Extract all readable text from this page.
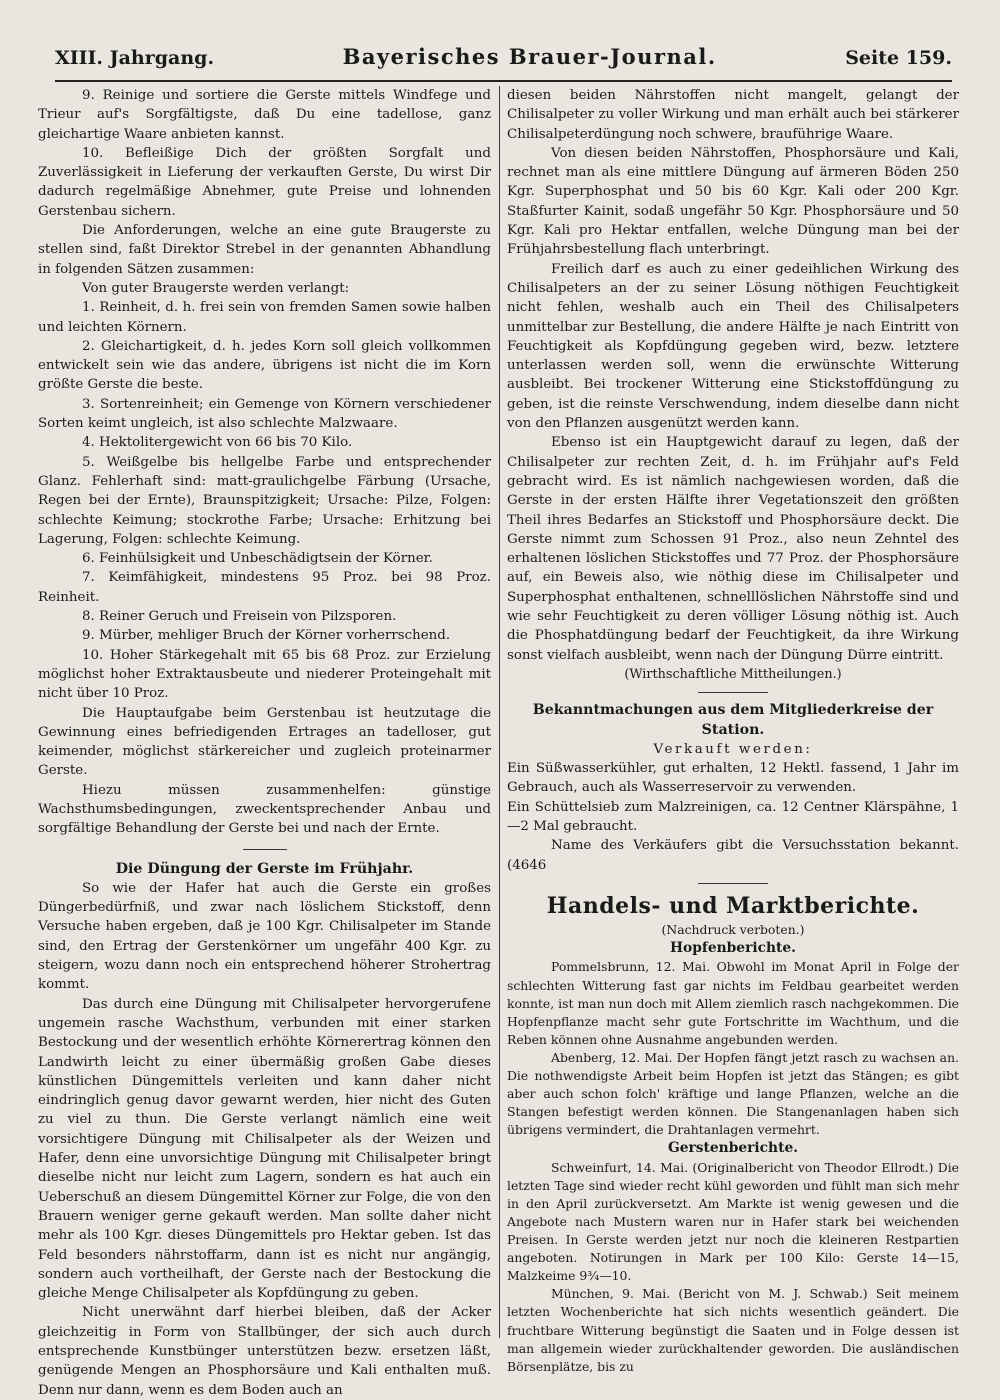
XIII. Jahrgang.	Bayerisches Brauer-Journal.	Seite 159.

9. Reinige und sortiere die Gerste mittels Windfege und Trieur auf's Sorgfältigste, daß Du eine tadellose, ganz gleichartige Waare anbieten kannst.

10. Befleißige Dich der größten Sorgfalt und Zuverlässigkeit in Lieferung der verkauften Gerste, Du wirst Dir dadurch regelmäßige Abnehmer, gute Preise und lohnenden Gerstenbau sichern.

Die Anforderungen, welche an eine gute Braugerste zu stellen sind, faßt Direktor Strebel in der genannten Abhandlung in folgenden Sätzen zusammen:

Von guter Braugerste werden verlangt:

1. Reinheit, d. h. frei sein von fremden Samen sowie halben und leichten Körnern.

2. Gleichartigkeit, d. h. jedes Korn soll gleich vollkommen entwickelt sein wie das andere, übrigens ist nicht die im Korn größte Gerste die beste.

3. Sortenreinheit; ein Gemenge von Körnern verschiedener Sorten keimt ungleich, ist also schlechte Malzwaare.

4. Hektolitergewicht von 66 bis 70 Kilo.

5. Weißgelbe bis hellgelbe Farbe und entsprechender Glanz. Fehlerhaft sind: matt-graulichgelbe Färbung (Ursache, Regen bei der Ernte), Braunspitzigkeit; Ursache: Pilze, Folgen: schlechte Keimung; stockrothe Farbe; Ursache: Erhitzung bei Lagerung, Folgen: schlechte Keimung.

6. Feinhülsigkeit und Unbeschädigtsein der Körner.

7. Keimfähigkeit, mindestens 95 Proz. bei 98 Proz. Reinheit.

8. Reiner Geruch und Freisein von Pilzsporen.

9. Mürber, mehliger Bruch der Körner vorherrschend.

10. Hoher Stärkegehalt mit 65 bis 68 Proz. zur Erzielung möglichst hoher Extraktausbeute und niederer Proteingehalt mit nicht über 10 Proz.

Die Hauptaufgabe beim Gerstenbau ist heutzutage die Gewinnung eines befriedigenden Ertrages an tadelloser, gut keimender, möglichst stärkereicher und zugleich proteinarmer Gerste.

Hiezu müssen zusammenhelfen: günstige Wachsthumsbedingungen, zweckentsprechender Anbau und sorgfältige Behandlung der Gerste bei und nach der Ernte.

Die Düngung der Gerste im Frühjahr.

So wie der Hafer hat auch die Gerste ein großes Düngerbedürfniß, und zwar nach löslichem Stickstoff, denn Versuche haben ergeben, daß je 100 Kgr. Chilisalpeter im Stande sind, den Ertrag der Gerstenkörner um ungefähr 400 Kgr. zu steigern, wozu dann noch ein entsprechend höherer Strohertrag kommt.

Das durch eine Düngung mit Chilisalpeter hervorgerufene ungemein rasche Wachsthum, verbunden mit einer starken Bestockung und der wesentlich erhöhte Körnerertrag können den Landwirth leicht zu einer übermäßig großen Gabe dieses künstlichen Düngemittels verleiten und kann daher nicht eindringlich genug davor gewarnt werden, hier nicht des Guten zu viel zu thun. Die Gerste verlangt nämlich eine weit vorsichtigere Düngung mit Chilisalpeter als der Weizen und Hafer, denn eine unvorsichtige Düngung mit Chilisalpeter bringt dieselbe nicht nur leicht zum Lagern, sondern es hat auch ein Ueberschuß an diesem Düngemittel Körner zur Folge, die von den Brauern weniger gerne gekauft werden. Man sollte daher nicht mehr als 100 Kgr. dieses Düngemittels pro Hektar geben. Ist das Feld besonders nährstoffarm, dann ist es nicht nur angängig, sondern auch vortheilhaft, der Gerste nach der Bestockung die gleiche Menge Chilisalpeter als Kopfdüngung zu geben.

Nicht unerwähnt darf hierbei bleiben, daß der Acker gleichzeitig in Form von Stallbünger, der sich auch durch entsprechende Kunstbünger unterstützen bezw. ersetzen läßt, genügende Mengen an Phosphorsäure und Kali enthalten muß. Denn nur dann, wenn es dem Boden auch an

diesen beiden Nährstoffen nicht mangelt, gelangt der Chilisalpeter zu voller Wirkung und man erhält auch bei stärkerer Chilisalpeterdüngung noch schwere, brauführige Waare.

Von diesen beiden Nährstoffen, Phosphorsäure und Kali, rechnet man als eine mittlere Düngung auf ärmeren Böden 250 Kgr. Superphosphat und 50 bis 60 Kgr. Kali oder 200 Kgr. Staßfurter Kainit, sodaß ungefähr 50 Kgr. Phosphorsäure und 50 Kgr. Kali pro Hektar entfallen, welche Düngung man bei der Frühjahrsbestellung flach unterbringt.

Freilich darf es auch zu einer gedeihlichen Wirkung des Chilisalpeters an der zu seiner Lösung nöthigen Feuchtigkeit nicht fehlen, weshalb auch ein Theil des Chilisalpeters unmittelbar zur Bestellung, die andere Hälfte je nach Eintritt von Feuchtigkeit als Kopfdüngung gegeben wird, bezw. letztere unterlassen werden soll, wenn die erwünschte Witterung ausbleibt. Bei trockener Witterung eine Stickstoffdüngung zu geben, ist die reinste Verschwendung, indem dieselbe dann nicht von den Pflanzen ausgenützt werden kann.

Ebenso ist ein Hauptgewicht darauf zu legen, daß der Chilisalpeter zur rechten Zeit, d. h. im Frühjahr auf's Feld gebracht wird. Es ist nämlich nachgewiesen worden, daß die Gerste in der ersten Hälfte ihrer Vegetationszeit den größten Theil ihres Bedarfes an Stickstoff und Phosphorsäure deckt. Die Gerste nimmt zum Schossen 91 Proz., also neun Zehntel des erhaltenen löslichen Stickstoffes und 77 Proz. der Phosphorsäure auf, ein Beweis also, wie nöthig diese im Chilisalpeter und Superphosphat enthaltenen, schnelllöslichen Nährstoffe sind und wie sehr Feuchtigkeit zu deren völliger Lösung nöthig ist. Auch die Phosphatdüngung bedarf der Feuchtigkeit, da ihre Wirkung sonst vielfach ausbleibt, wenn nach der Düngung Dürre eintritt.

(Wirthschaftliche Mittheilungen.)

Bekanntmachungen aus dem Mitgliederkreise der Station.

Verkauft werden:

Ein Süßwasserkühler, gut erhalten, 12 Hektl. fassend, 1 Jahr im Gebrauch, auch als Wasserreservoir zu verwenden.

Ein Schüttelsieb zum Malzreinigen, ca. 12 Centner Klärspähne, 1—2 Mal gebraucht.

Name des Verkäufers gibt die Versuchsstation bekannt. (4646

Handels- und Marktberichte.

(Nachdruck verboten.)

Hopfenberichte.

Pommelsbrunn, 12. Mai. Obwohl im Monat April in Folge der schlechten Witterung fast gar nichts im Feldbau gearbeitet werden konnte, ist man nun doch mit Allem ziemlich rasch nachgekommen. Die Hopfenpflanze macht sehr gute Fortschritte im Wachthum, und die Reben können ohne Ausnahme angebunden werden.

Abenberg, 12. Mai. Der Hopfen fängt jetzt rasch zu wachsen an. Die nothwendigste Arbeit beim Hopfen ist jetzt das Stängen; es gibt aber auch schon folch' kräftige und lange Pflanzen, welche an die Stangen befestigt werden können. Die Stangenanlagen haben sich übrigens vermindert, die Drahtanlagen vermehrt.

Gerstenberichte.

Schweinfurt, 14. Mai. (Originalbericht von Theodor Ellrodt.) Die letzten Tage sind wieder recht kühl geworden und fühlt man sich mehr in den April zurückversetzt. Am Markte ist wenig gewesen und die Angebote nach Mustern waren nur in Hafer stark bei weichenden Preisen. In Gerste werden jetzt nur noch die kleineren Restpartien angeboten. Notirungen in Mark per 100 Kilo: Gerste 14—15, Malzkeime 9¾—10.

München, 9. Mai. (Bericht von M. J. Schwab.) Seit meinem letzten Wochenberichte hat sich nichts wesentlich geändert. Die fruchtbare Witterung begünstigt die Saaten und in Folge dessen ist man allgemein wieder zurückhaltender geworden. Die ausländischen Börsenplätze, bis zu
